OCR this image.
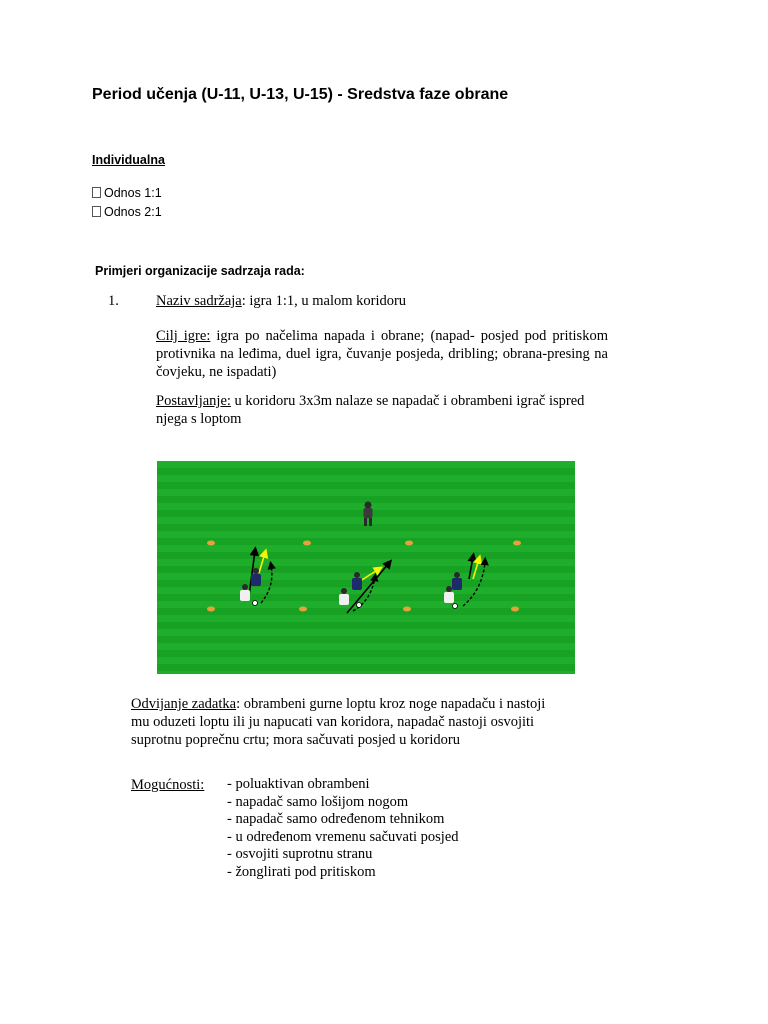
Period učenja (U-11, U-13, U-15) - Sredstva faze obrane
Individualna
Odnos 1:1
Odnos 2:1
Primjeri organizacije sadrzaja rada:
1.	Naziv sadržaja: igra 1:1, u malom koridoru
Cilj igre: igra po načelima napada i obrane; (napad- posjed pod pritiskom protivnika na leđima, duel igra, čuvanje posjeda, dribling; obrana-presing na čovjeku, ne ispadati)
Postavljanje: u koridoru 3x3m nalaze se napadač i obrambeni igrač ispred njega s loptom
Odvijanje zadatka: obrambeni gurne loptu kroz noge napadaču i nastoji mu oduzeti loptu ili ju napucati van koridora, napadač nastoji osvojiti suprotnu poprečnu crtu; mora sačuvati posjed u koridoru
Mogućnosti: - poluaktivan obrambeni
- napadač samo lošijom nogom
- napadač samo određenom tehnikom
- u određenom vremenu sačuvati posjed
- osvojiti suprotnu stranu
- žonglirati pod pritiskom
